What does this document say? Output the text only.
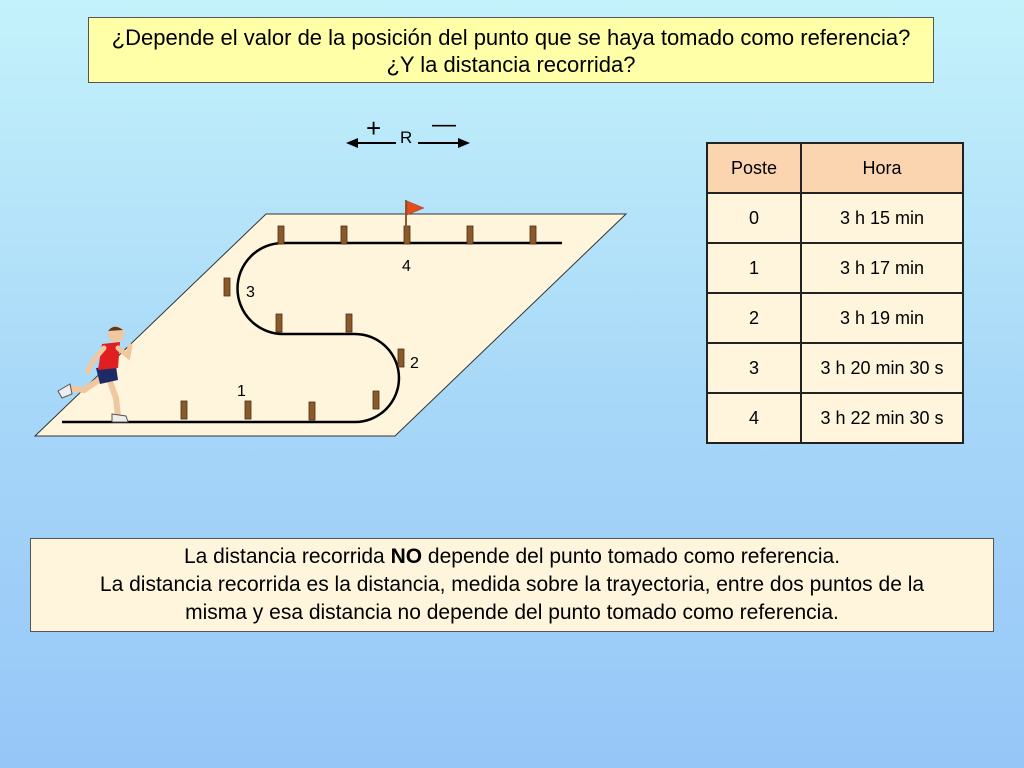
¿Depende el valor de la posición del punto que se haya tomado como referencia?
¿Y la distancia recorrida?
+ —
R
1
2
3
4
Poste	Hora
0	3 h 15 min
1	3 h 17 min
2	3 h 19 min
3	3 h 20 min 30 s
4	3 h 22 min 30 s
La distancia recorrida NO depende del punto tomado como referencia.
La distancia recorrida es la distancia, medida sobre la trayectoria, entre dos puntos de la
misma y esa distancia no depende del punto tomado como referencia.
